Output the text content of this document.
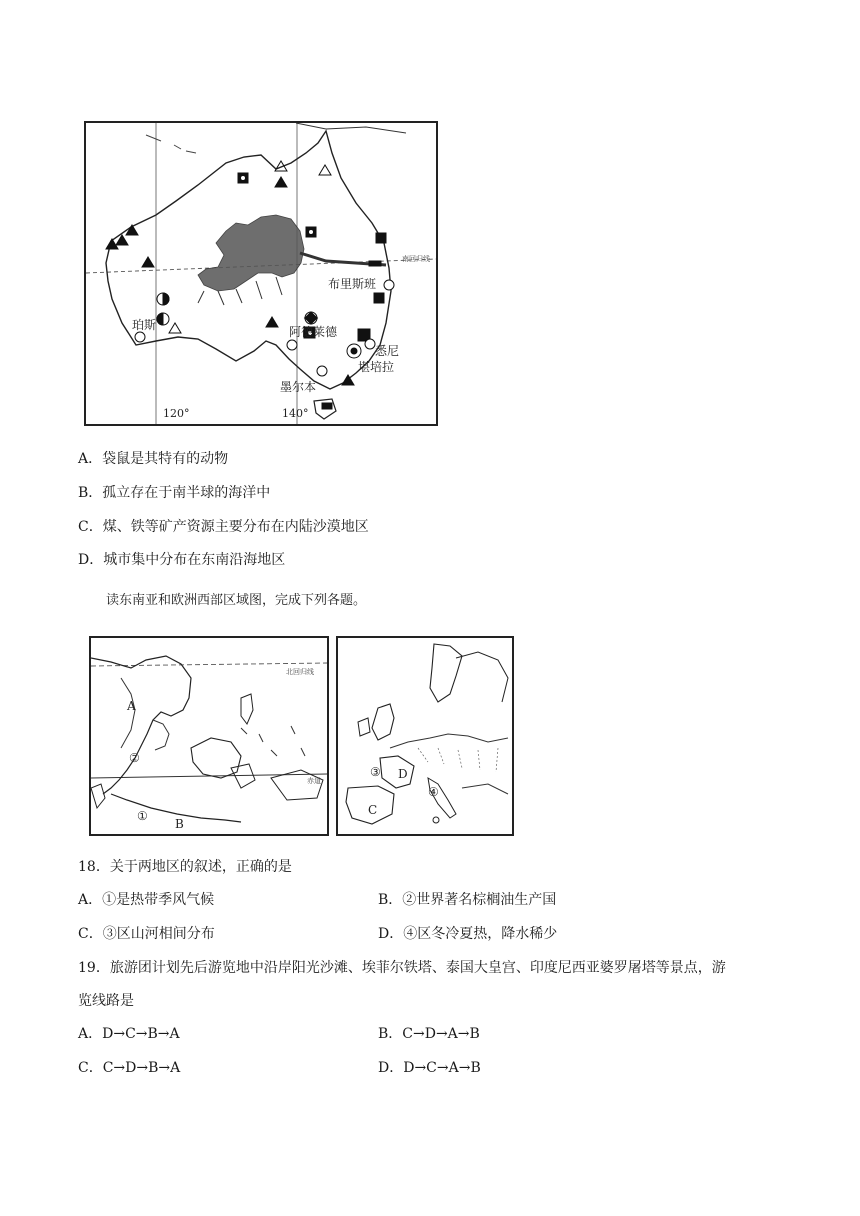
南回归线
布里斯班
珀斯	阿德莱德
悉尼
堪培拉
墨尔本
120°	140°
A．袋鼠是其特有的动物
B．孤立存在于南半球的海洋中
C．煤、铁等矿产资源主要分布在内陆沙漠地区
D．城市集中分布在东南沿海地区
读东南亚和欧洲西部区域图，完成下列各题。
北回归线
赤道
A
②
①
B
③ D
C
④
18．关于两地区的叙述，正确的是
A．①是热带季风气候	B．②世界著名棕榈油生产国
C．③区山河相间分布	D．④区冬冷夏热，降水稀少
19．旅游团计划先后游览地中沿岸阳光沙滩、埃菲尔铁塔、泰国大皇宫、印度尼西亚婆罗屠塔等景点，游
览线路是
A．D→C→B→A	B．C→D→A→B
C．C→D→B→A	D．D→C→A→B
